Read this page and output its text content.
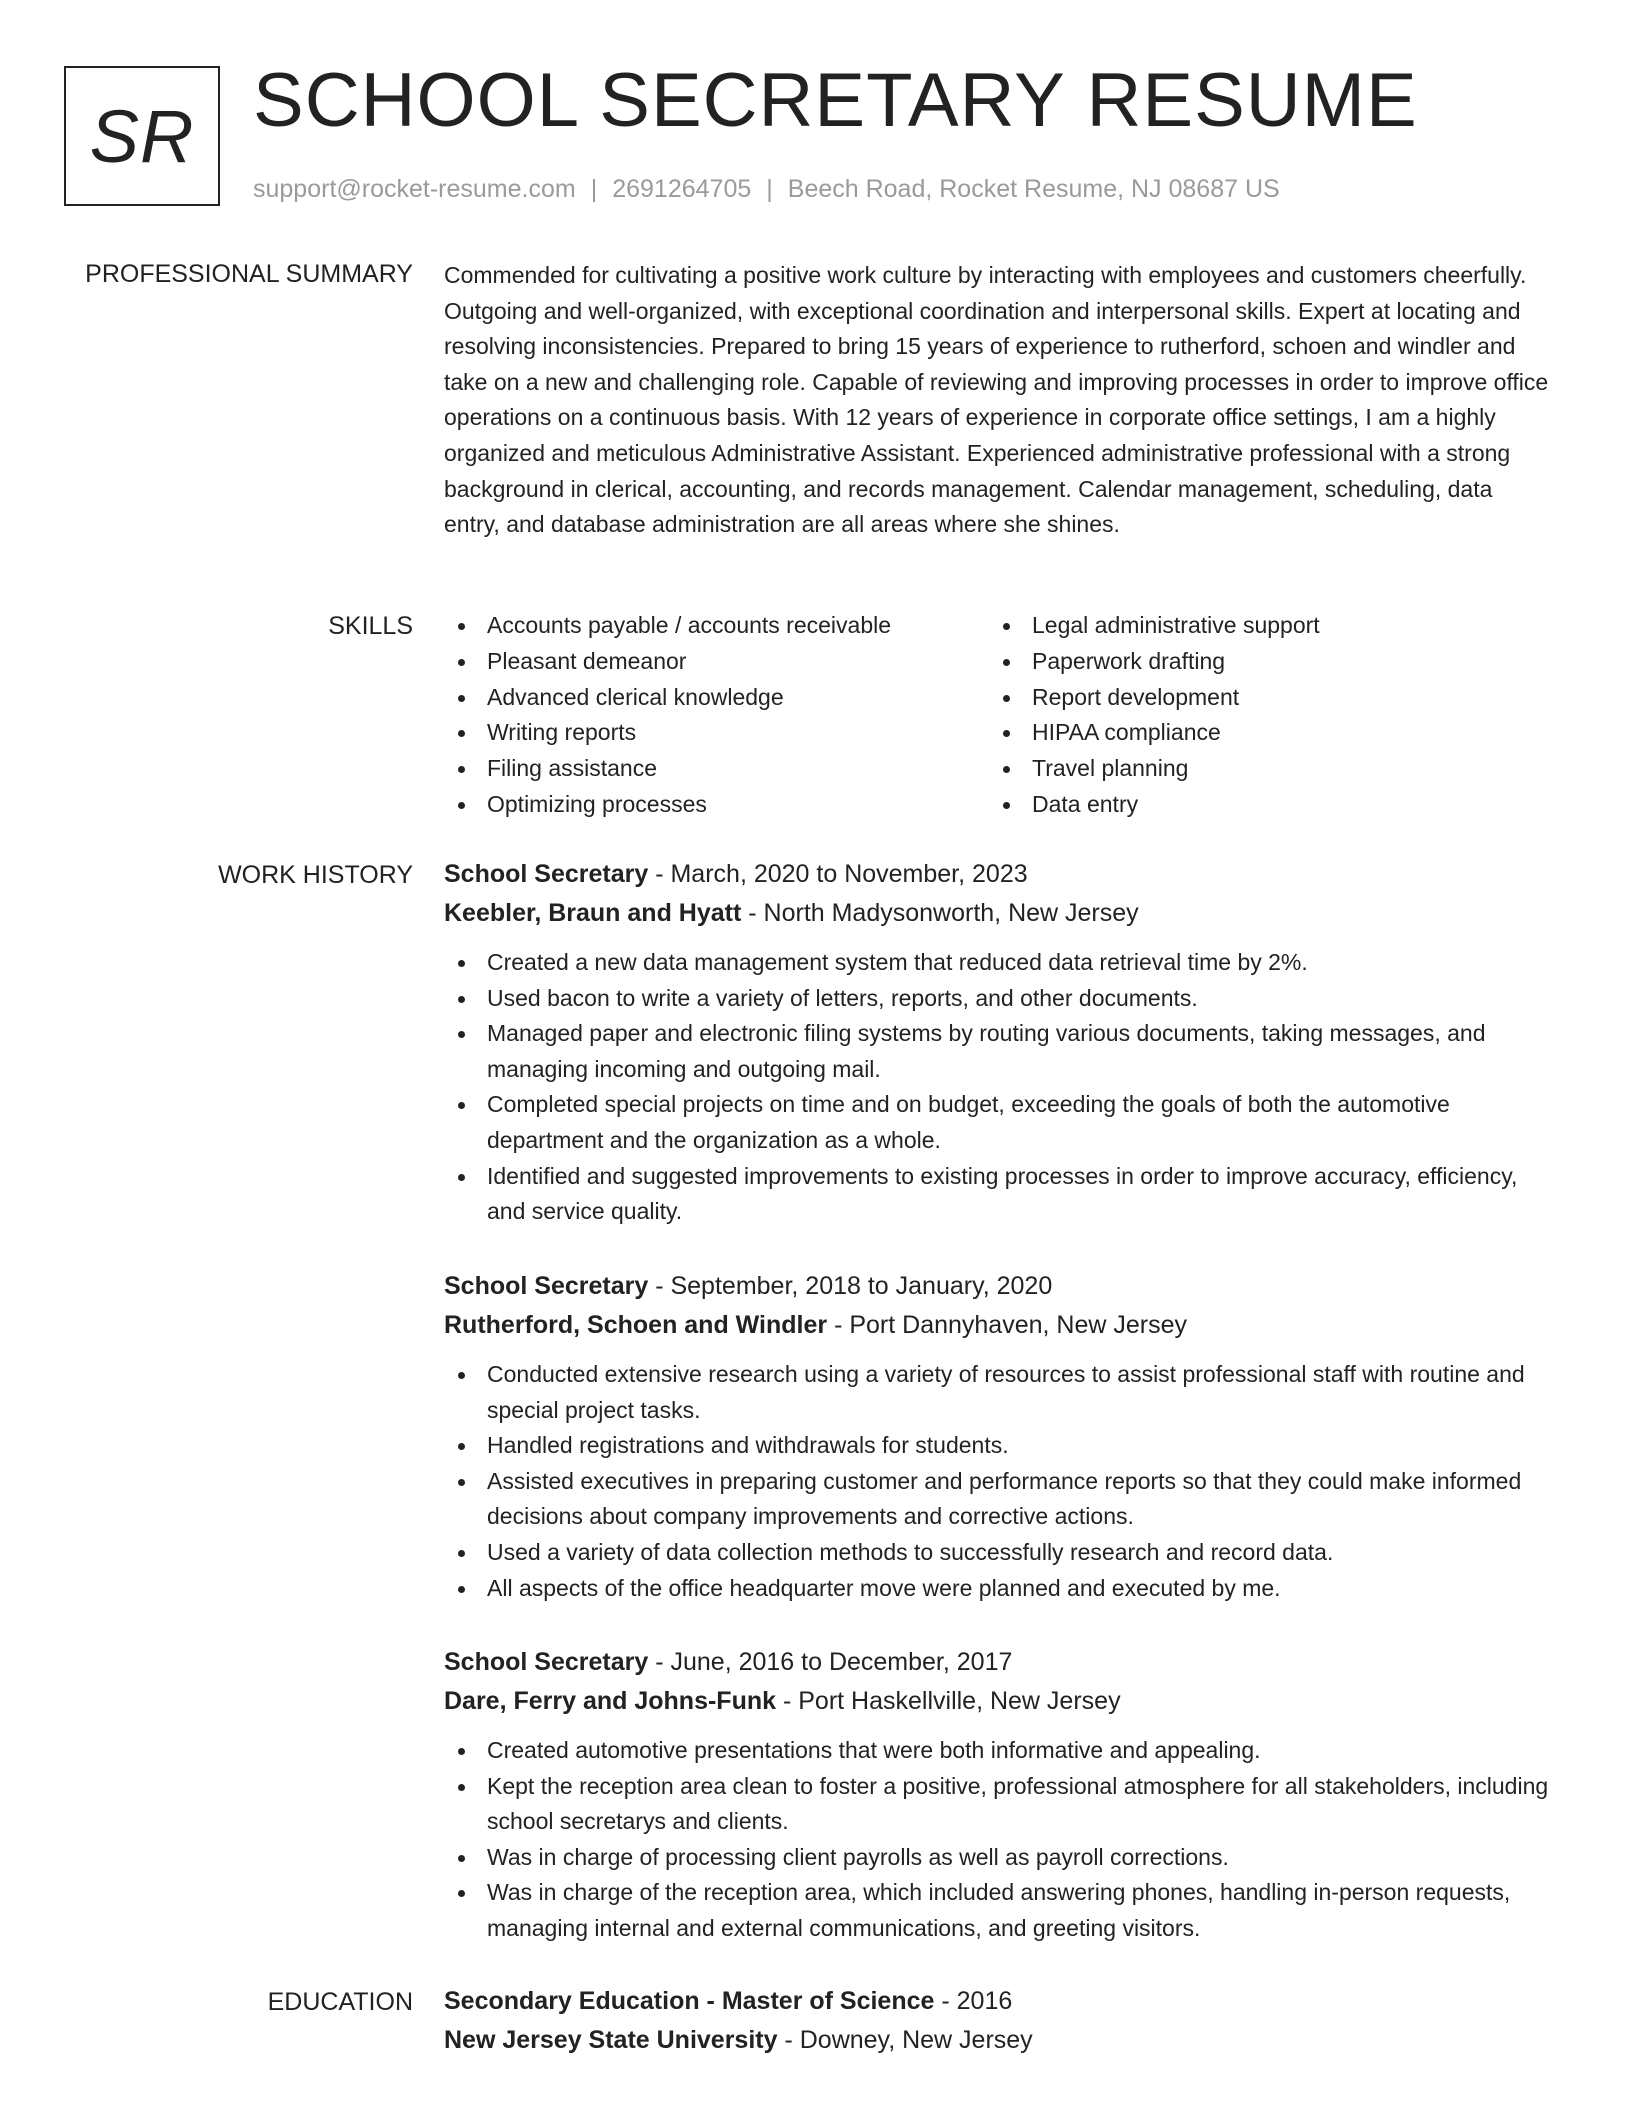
SR SCHOOL SECRETARY RESUME
support@rocket-resume.com | 2691264705 | Beech Road, Rocket Resume, NJ 08687 US
PROFESSIONAL SUMMARY Commended for cultivating a positive work culture by interacting with employees and customers cheerfully. Outgoing and well-organized, with exceptional coordination and interpersonal skills. Expert at locating and resolving inconsistencies. Prepared to bring 15 years of experience to rutherford, schoen and windler and take on a new and challenging role. Capable of reviewing and improving processes in order to improve office operations on a continuous basis. With 12 years of experience in corporate office settings, I am a highly organized and meticulous Administrative Assistant. Experienced administrative professional with a strong background in clerical, accounting, and records management. Calendar management, scheduling, data entry, and database administration are all areas where she shines.

SKILLS	Accounts payable / accounts receivable
Pleasant demeanor
Advanced clerical knowledge
Writing reports
Filing assistance
Optimizing processes
Legal administrative support
Paperwork drafting
Report development
HIPAA compliance
Travel planning
Data entry
WORK HISTORY School Secretary - March, 2020 to November, 2023
Keebler, Braun and Hyatt - North Madysonworth, New Jersey
Created a new data management system that reduced data retrieval time by 2%.
Used bacon to write a variety of letters, reports, and other documents.
Managed paper and electronic filing systems by routing various documents, taking messages, and managing incoming and outgoing mail.
Completed special projects on time and on budget, exceeding the goals of both the automotive department and the organization as a whole.
Identified and suggested improvements to existing processes in order to improve accuracy, efficiency, and service quality.
School Secretary - September, 2018 to January, 2020
Rutherford, Schoen and Windler - Port Dannyhaven, New Jersey
Conducted extensive research using a variety of resources to assist professional staff with routine and special project tasks.
Handled registrations and withdrawals for students.
Assisted executives in preparing customer and performance reports so that they could make informed decisions about company improvements and corrective actions.
Used a variety of data collection methods to successfully research and record data.
All aspects of the office headquarter move were planned and executed by me.
School Secretary - June, 2016 to December, 2017
Dare, Ferry and Johns-Funk - Port Haskellville, New Jersey
Created automotive presentations that were both informative and appealing.
Kept the reception area clean to foster a positive, professional atmosphere for all stakeholders, including school secretarys and clients.
Was in charge of processing client payrolls as well as payroll corrections.
Was in charge of the reception area, which included answering phones, handling in-person requests, managing internal and external communications, and greeting visitors.
EDUCATION Secondary Education - Master of Science - 2016
New Jersey State University - Downey, New Jersey
